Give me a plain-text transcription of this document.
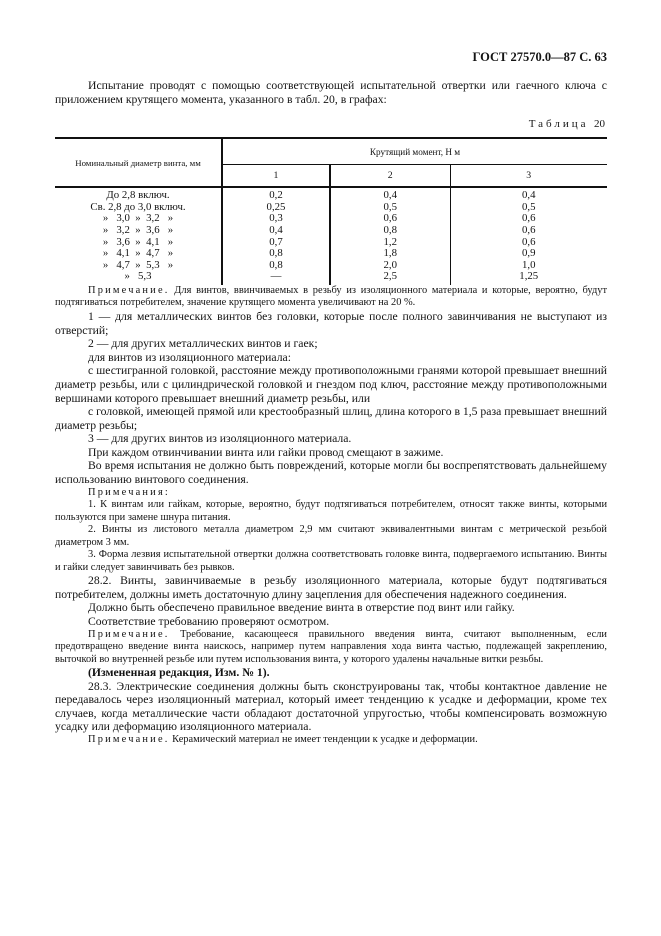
ГОСТ 27570.0—87 С. 63

Испытание проводят с помощью соответствующей испытательной отвертки или гаечного ключа с приложением крутящего момента, указанного в табл. 20, в графах:

Таблица 20
Номинальный диаметр винта, мм	Крутящий момент, Н м		
	1	2	3
До 2,8 включ.	0,2	0,4	0,4
Св. 2,8 до 3,0 включ.	0,25	0,5	0,5
»   3,0  »  3,2   »	0,3	0,6	0,6
»   3,2  »  3,6   »	0,4	0,8	0,6
»   3,6  »  4,1   »	0,7	1,2	0,6
»   4,1  »  4,7   »	0,8	1,8	0,9
»   4,7  »  5,3   »	0,8	2,0	1,0
»   5,3	—	2,5	1,25

Примечание. Для винтов, ввинчиваемых в резьбу из изоляционного материала и которые, вероятно, будут подтягиваться потребителем, значение крутящего момента увеличивают на 20 %.

1 — для металлических винтов без головки, которые после полного завинчивания не выступают из отверстий;

2 — для других металлических винтов и гаек;

для винтов из изоляционного материала:

с шестигранной головкой, расстояние между противоположными гранями которой превышает внешний диаметр резьбы, или с цилиндрической головкой и гнездом под ключ, расстояние между противоположными вершинами которого превышает внешний диаметр резьбы, или

с головкой, имеющей прямой или крестообразный шлиц, длина которого в 1,5 раза превышает внешний диаметр резьбы;

3 — для других винтов из изоляционного материала.

При каждом отвинчивании винта или гайки провод смещают в зажиме.

Во время испытания не должно быть повреждений, которые могли бы воспрепятствовать дальнейшему использованию винтового соединения.

Примечания:

1. К винтам или гайкам, которые, вероятно, будут подтягиваться потребителем, относят также винты, которыми пользуются при замене шнура питания.

2. Винты из листового металла диаметром 2,9 мм считают эквивалентными винтам с метрической резьбой диаметром 3 мм.

3. Форма лезвия испытательной отвертки должна соответствовать головке винта, подвергаемого испытанию. Винты и гайки следует завинчивать без рывков.

28.2. Винты, завинчиваемые в резьбу изоляционного материала, которые будут подтягиваться потребителем, должны иметь достаточную длину зацепления для обеспечения надежного соединения.

Должно быть обеспечено правильное введение винта в отверстие под винт или гайку.

Соответствие требованию проверяют осмотром.

Примечание. Требование, касающееся правильного введения винта, считают выполненным, если предотвращено введение винта наискось, например путем направления хода винта частью, подлежащей закреплению, выточкой во внутренней резьбе или путем использования винта, у которого удалены начальные витки резьбы.

(Измененная редакция, Изм. № 1).

28.3. Электрические соединения должны быть сконструированы так, чтобы контактное давление не передавалось через изоляционный материал, который имеет тенденцию к усадке и деформации, кроме тех случаев, когда металлические части обладают достаточной упругостью, чтобы компенсировать возможную усадку или деформацию изоляционного материала.

Примечание. Керамический материал не имеет тенденции к усадке и деформации.
